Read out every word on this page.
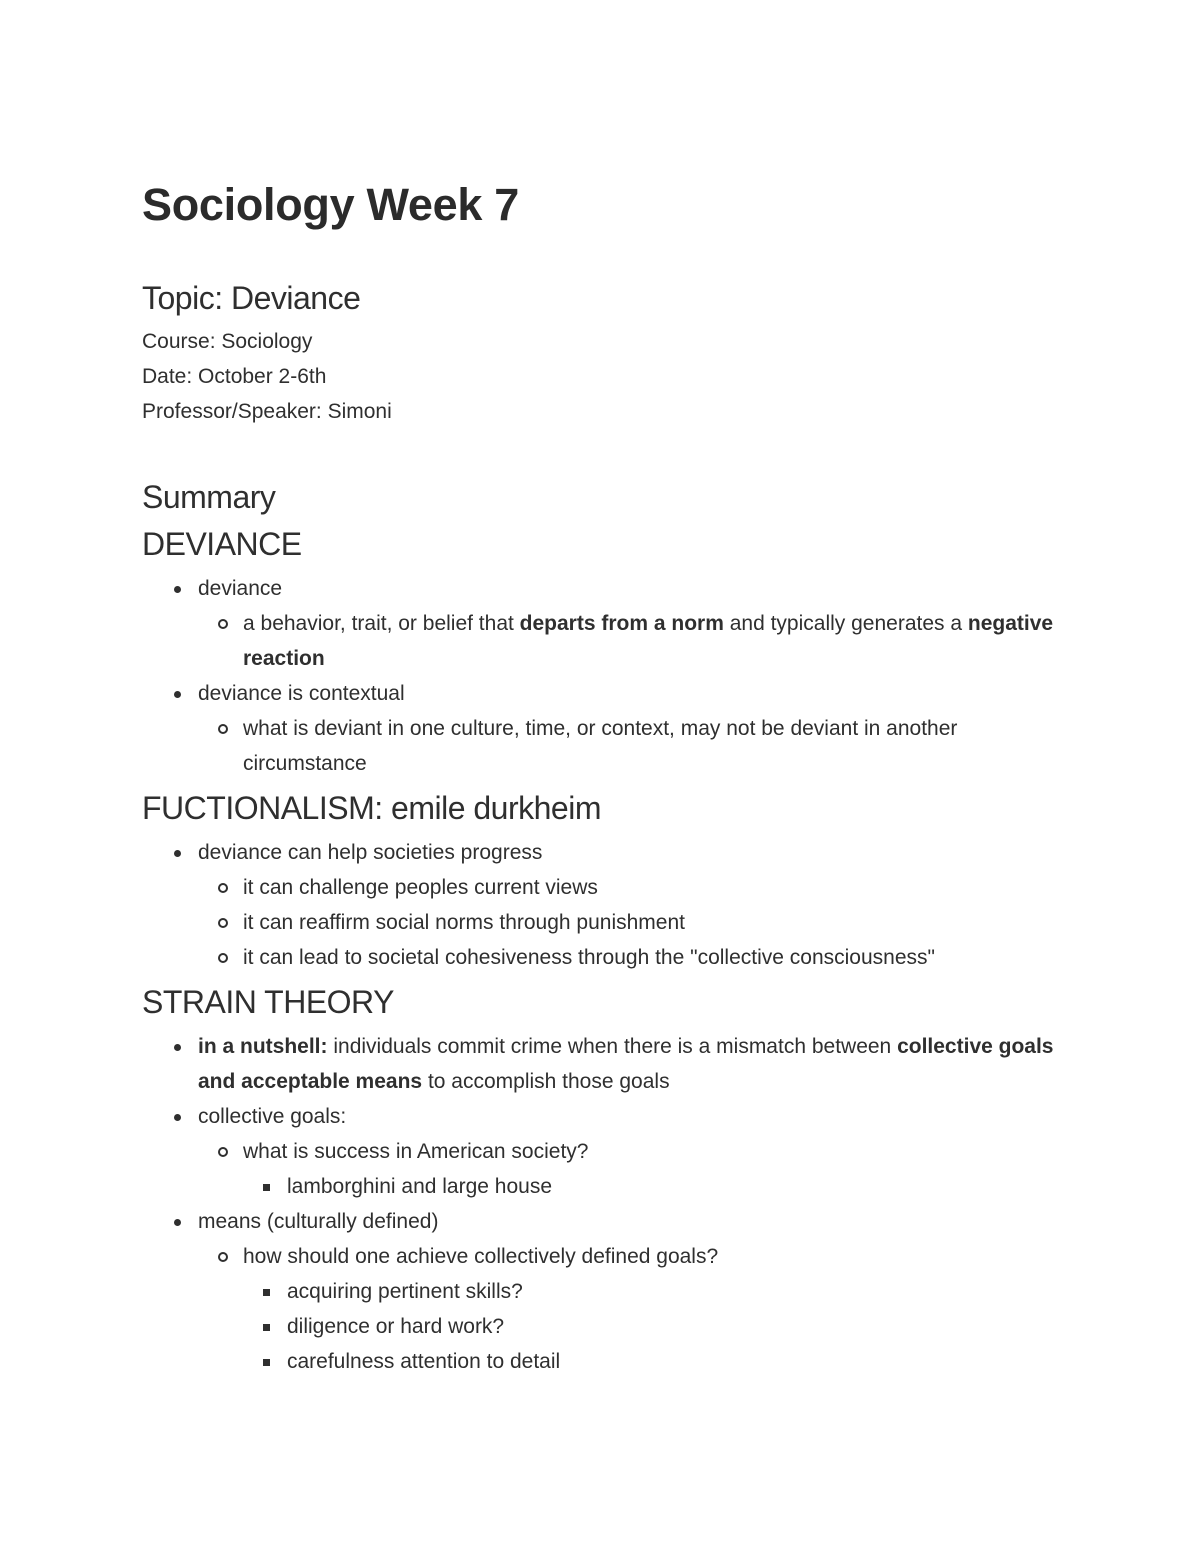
Sociology Week 7
Topic: Deviance

Course: Sociology

Date: October 2-6th

Professor/Speaker: Simoni

Summary
DEVIANCE
deviance
a behavior, trait, or belief that departs from a norm and typically generates a negative reaction
deviance is contextual
what is deviant in one culture, time, or context, may not be deviant in another circumstance
FUCTIONALISM: emile durkheim
deviance can help societies progress
it can challenge peoples current views
it can reaffirm social norms through punishment
it can lead to societal cohesiveness through the "collective consciousness"
STRAIN THEORY
in a nutshell: individuals commit crime when there is a mismatch between collective goals and acceptable means to accomplish those goals
collective goals:
what is success in American society?
lamborghini and large house
means (culturally defined)
how should one achieve collectively defined goals?
acquiring pertinent skills?
diligence or hard work?
carefulness attention to detail
